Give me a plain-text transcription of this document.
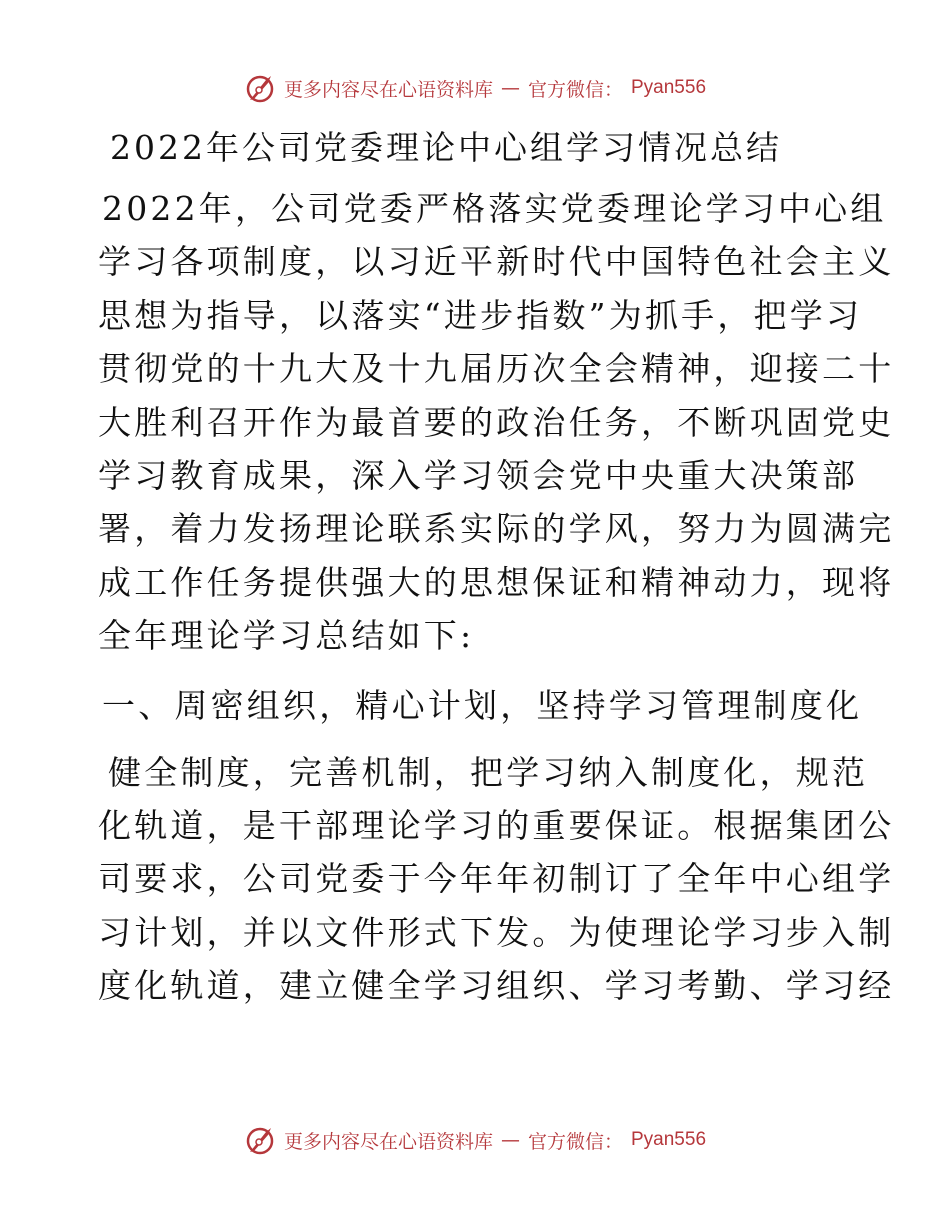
更多内容尽在心语资料库 — 官方微信： Pyan556
2022年公司党委理论中心组学习情况总结
2022年，公司党委严格落实党委理论学习中心组
学习各项制度，以习近平新时代中国特色社会主义
思想为指导，以落实“进步指数”为抓手，把学习
贯彻党的十九大及十九届历次全会精神，迎接二十
大胜利召开作为最首要的政治任务，不断巩固党史
学习教育成果，深入学习领会党中央重大决策部
署，着力发扬理论联系实际的学风，努力为圆满完
成工作任务提供强大的思想保证和精神动力，现将
全年理论学习总结如下:
一、周密组织，精心计划，坚持学习管理制度化
健全制度，完善机制，把学习纳入制度化，规范
化轨道，是干部理论学习的重要保证。根据集团公
司要求，公司党委于今年年初制订了全年中心组学
习计划，并以文件形式下发。为使理论学习步入制
度化轨道，建立健全学习组织、学习考勤、学习经
更多内容尽在心语资料库 — 官方微信： Pyan556
